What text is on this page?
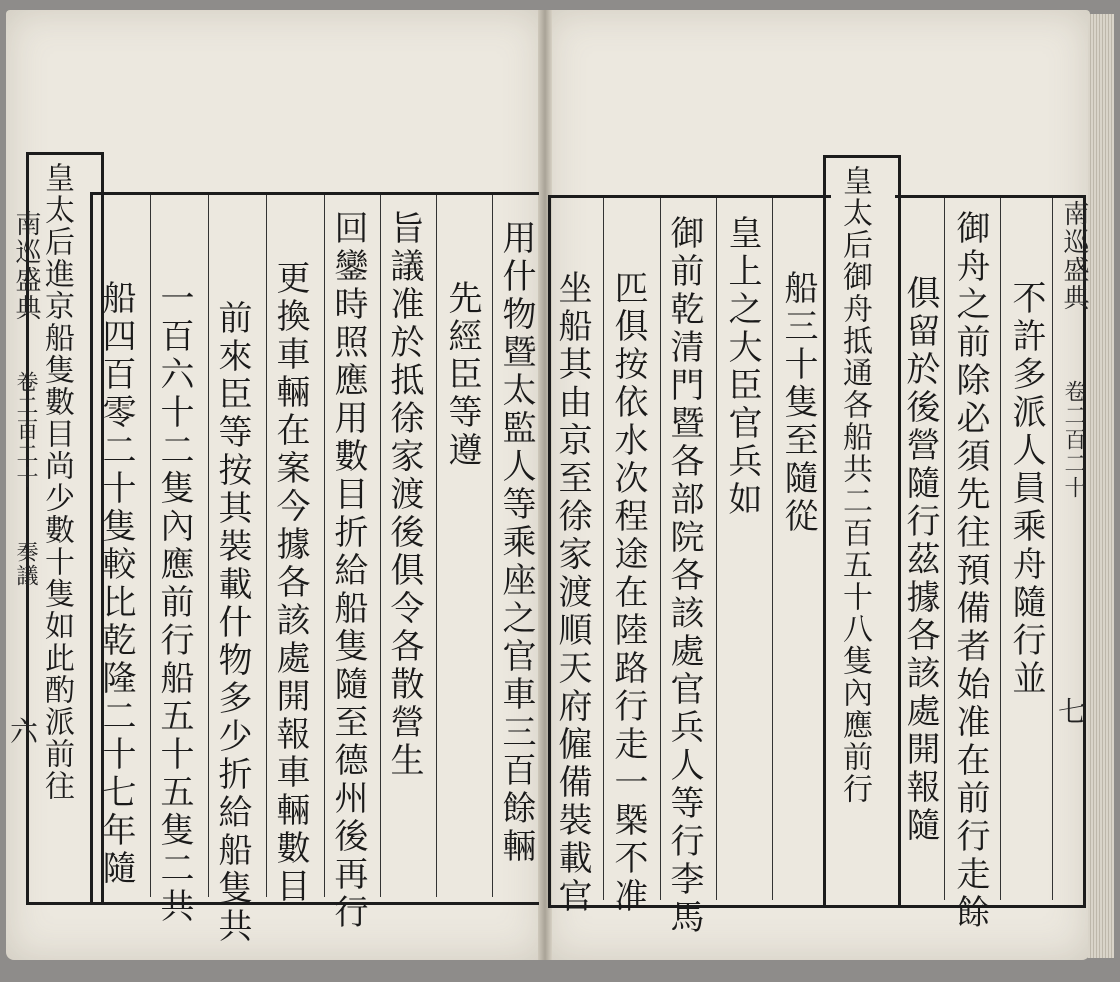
南巡盛典
卷二百二十
奏議
六	用什物暨太監人等乘座之官車三百餘輛
先經臣等遵
旨議准於抵徐家渡後俱令各散營生
回鑾時照應用數目折給船隻隨至德州後再行
更換車輛在案今據各該處開報車輛數目
前來臣等按其裝載什物多少折給船隻共
一百六十二隻內應前行船五十五隻二共
船四百零二十隻較比乾隆二十七年隨
皇太后進京船隻數目尚少數十隻如此酌派前往	南巡盛典
卷二百二十
七
不許多派人員乘舟隨行並
御舟之前除必須先往預備者始准在前行走餘
俱留於後營隨行茲據各該處開報隨
皇太后御舟抵通各船共二百五十八隻內應前行
船三十隻至隨從
皇上之大臣官兵如
御前乾清門暨各部院各該處官兵人等行李馬
匹俱按依水次程途在陸路行走一槩不准
坐船其由京至徐家渡順天府僱備裝載官
